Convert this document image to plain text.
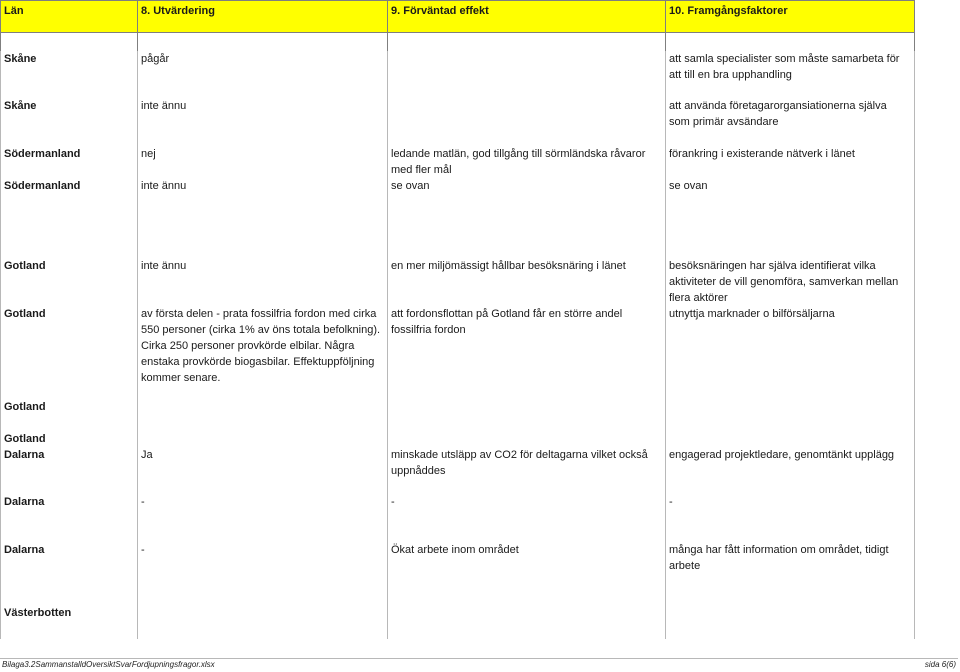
Län	8. Utvärdering	9. Förväntad effekt	10. Framgångsfaktorer

Skåne	pågår		att samla specialister som måste samarbeta för att till en bra upphandling
Skåne	inte ännu		att använda företagarorgansiationerna själva som primär avsändare
Södermanland	nej	ledande matlän, god tillgång till sörmländska råvaror med fler mål	förankring i existerande nätverk i länet
Södermanland	inte ännu	se ovan	se ovan
Gotland	inte ännu	en mer miljömässigt hållbar besöksnäring i länet	besöksnäringen har själva identifierat vilka aktiviteter de vill genomföra, samverkan mellan flera aktörer
Gotland	av första delen - prata fossilfria fordon med cirka 550 personer (cirka 1% av öns totala befolkning). Cirka 250 personer provkörde elbilar. Några enstaka provkörde biogasbilar. Effektuppföljning kommer senare.	att fordonsflottan på Gotland får en större andel fossilfria fordon	utnyttja marknader o bilförsäljarna
Gotland			
Gotland			
Dalarna	Ja	minskade utsläpp av CO2 för deltagarna vilket också uppnåddes	engagerad projektledare, genomtänkt upplägg
Dalarna	-	-	-
Dalarna	-	Ökat arbete inom området	många har fått information om området, tidigt arbete
Västerbotten			
Bilaga3.2SammanstalldOversiktSvarFordjupningsfragor.xlsx	sida 6(6)
